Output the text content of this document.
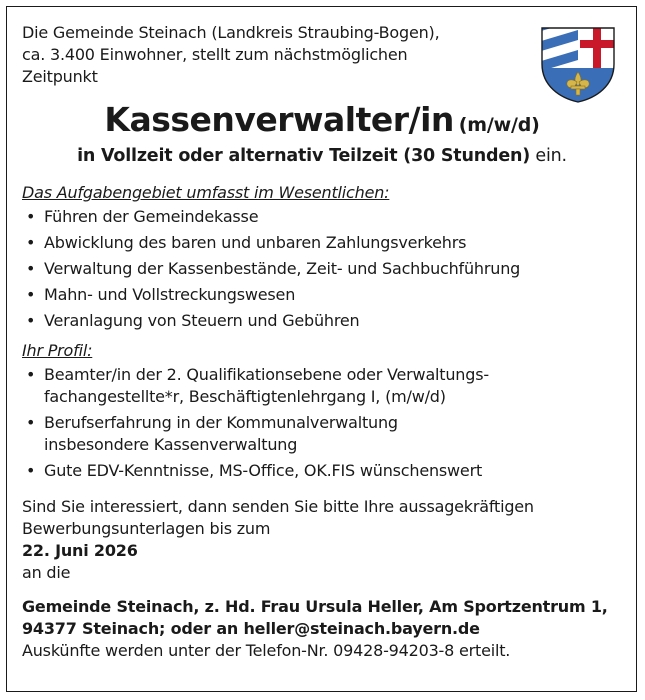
Die Gemeinde Steinach (Landkreis Straubing-Bogen),
ca. 3.400 Einwohner, stellt zum nächstmöglichen
Zeitpunkt

Kassenverwalter/in (m/w/d)
in Vollzeit oder alternativ Teilzeit (30 Stunden) ein.
Das Aufgabengebiet umfasst im Wesentlichen:
• Führen der Gemeindekasse
• Abwicklung des baren und unbaren Zahlungsverkehrs
• Verwaltung der Kassenbestände, Zeit- und Sachbuchführung
• Mahn- und Vollstreckungswesen
• Veranlagung von Steuern und Gebühren
Ihr Profil:
• Beamter/in der 2. Qualifikationsebene oder Verwaltungs-
fachangestellte*r, Beschäftigtenlehrgang I, (m/w/d)
• Berufserfahrung in der Kommunalverwaltung
insbesondere Kassenverwaltung
• Gute EDV-Kenntnisse, MS-Office, OK.FIS wünschenswert
Sind Sie interessiert, dann senden Sie bitte Ihre aussagekräftigen
Bewerbungsunterlagen bis zum
22. Juni 2026
an die
Gemeinde Steinach, z. Hd. Frau Ursula Heller, Am Sportzentrum 1,
94377 Steinach; oder an heller@steinach.bayern.de
Auskünfte werden unter der Telefon-Nr. 09428-94203-8 erteilt.
